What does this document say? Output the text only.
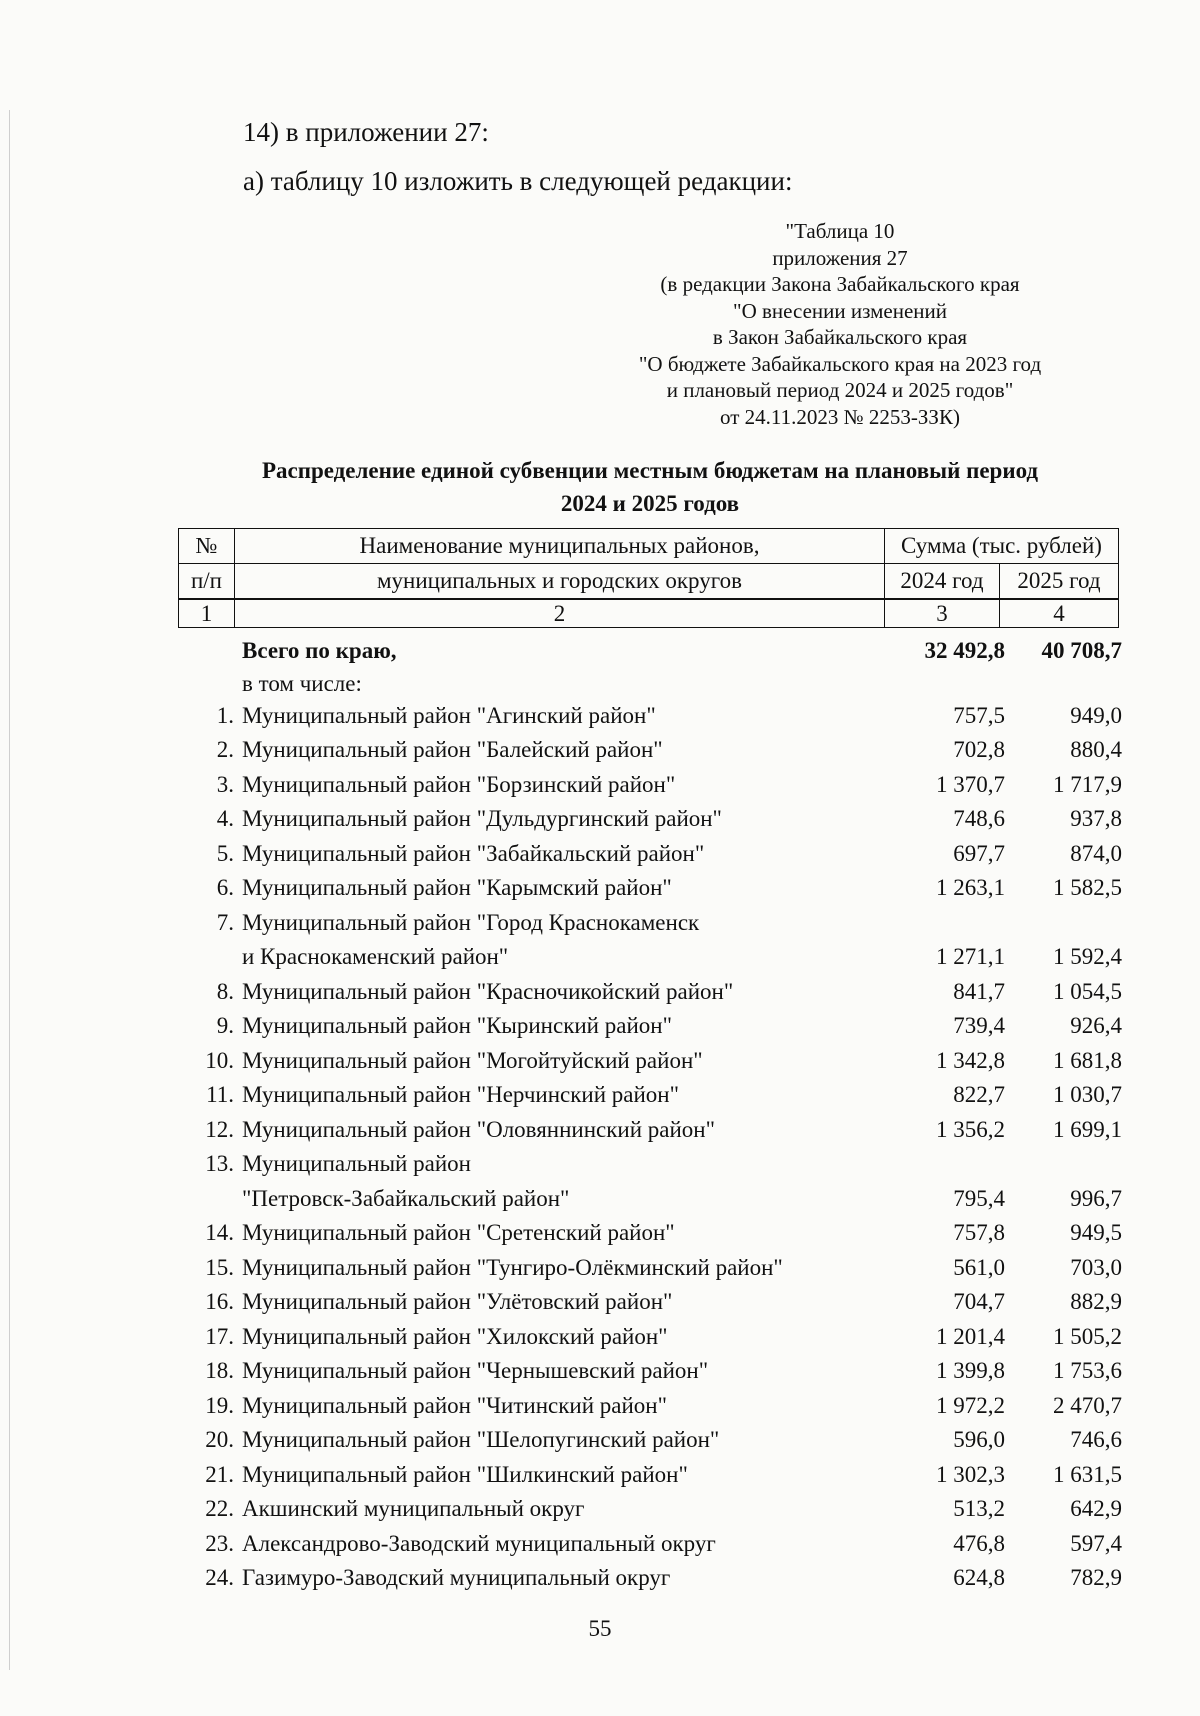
14) в приложении 27:
а) таблицу 10 изложить в следующей редакции:
"Таблица 10
приложения 27
(в редакции Закона Забайкальского края
"О внесении изменений
в Закон Забайкальского края
"О бюджете Забайкальского края на 2023 год
и плановый период 2024 и 2025 годов"
от 24.11.2023 № 2253-ЗЗК)
Распределение единой субвенции местным бюджетам на плановый период
2024 и 2025 годов
№	Наименование муниципальных районов,	Сумма (тыс. рублей)	
п/п	муниципальных и городских округов	2024 год	2025 год
1	2	3	4
Всего по краю,	32 492,8	40 708,7
в том числе:
1. Муниципальный район "Агинский район"	757,5	949,0
2. Муниципальный район "Балейский район"	702,8	880,4
3. Муниципальный район "Борзинский район"	1 370,7	1 717,9
4. Муниципальный район "Дульдургинский район"	748,6	937,8
5. Муниципальный район "Забайкальский район"	697,7	874,0
6. Муниципальный район "Карымский район"	1 263,1	1 582,5
7. Муниципальный район "Город Краснокаменск
и Краснокаменский район"	1 271,1	1 592,4
8. Муниципальный район "Красночикойский район"	841,7	1 054,5
9. Муниципальный район "Кыринский район"	739,4	926,4
10. Муниципальный район "Могойтуйский район"	1 342,8	1 681,8
11. Муниципальный район "Нерчинский район"	822,7	1 030,7
12. Муниципальный район "Оловяннинский район"	1 356,2	1 699,1
13. Муниципальный район
"Петровск-Забайкальский район"	795,4	996,7
14. Муниципальный район "Сретенский район"	757,8	949,5
15. Муниципальный район "Тунгиро-Олёкминский район"	561,0	703,0
16. Муниципальный район "Улётовский район"	704,7	882,9
17. Муниципальный район "Хилокский район"	1 201,4	1 505,2
18. Муниципальный район "Чернышевский район"	1 399,8	1 753,6
19. Муниципальный район "Читинский район"	1 972,2	2 470,7
20. Муниципальный район "Шелопугинский район"	596,0	746,6
21. Муниципальный район "Шилкинский район"	1 302,3	1 631,5
22. Акшинский муниципальный округ	513,2	642,9
23. Александрово-Заводский муниципальный округ	476,8	597,4
24. Газимуро-Заводский муниципальный округ	624,8	782,9
55
